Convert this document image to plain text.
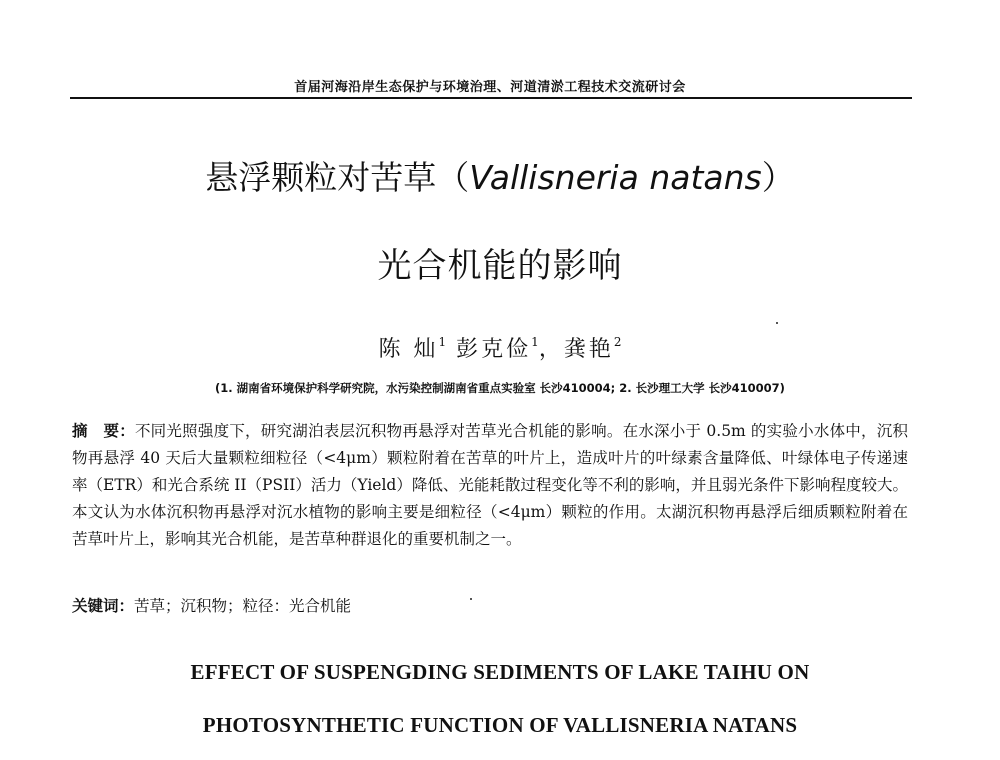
首届河海沿岸生态保护与环境治理、河道清淤工程技术交流研讨会
悬浮颗粒对苦草（Vallisneria natans）
光合机能的影响
陈 灿$^1$ 彭克俭$^1$，龚艳$^2$
(1. 湖南省环境保护科学研究院，水污染控制湖南省重点实验室 长沙410004; 2. 长沙理工大学 长沙410007)
摘　要：不同光照强度下，研究湖泊表层沉积物再悬浮对苦草光合机能的影响。在水深小于 0.5m 的实验小水体中，沉积物再悬浮 40 天后大量颗粒细粒径（<4μm）颗粒附着在苦草的叶片上，造成叶片的叶绿素含量降低、叶绿体电子传递速率（ETR）和光合系统 II（PSII）活力（Yield）降低、光能耗散过程变化等不利的影响，并且弱光条件下影响程度较大。本文认为水体沉积物再悬浮对沉水植物的影响主要是细粒径（<4μm）颗粒的作用。太湖沉积物再悬浮后细质颗粒附着在苦草叶片上，影响其光合机能，是苦草种群退化的重要机制之一。
关键词：苦草；沉积物；粒径：光合机能
EFFECT OF SUSPENGDING SEDIMENTS OF LAKE TAIHU ON
PHOTOSYNTHETIC FUNCTION OF VALLISNERIA NATANS
